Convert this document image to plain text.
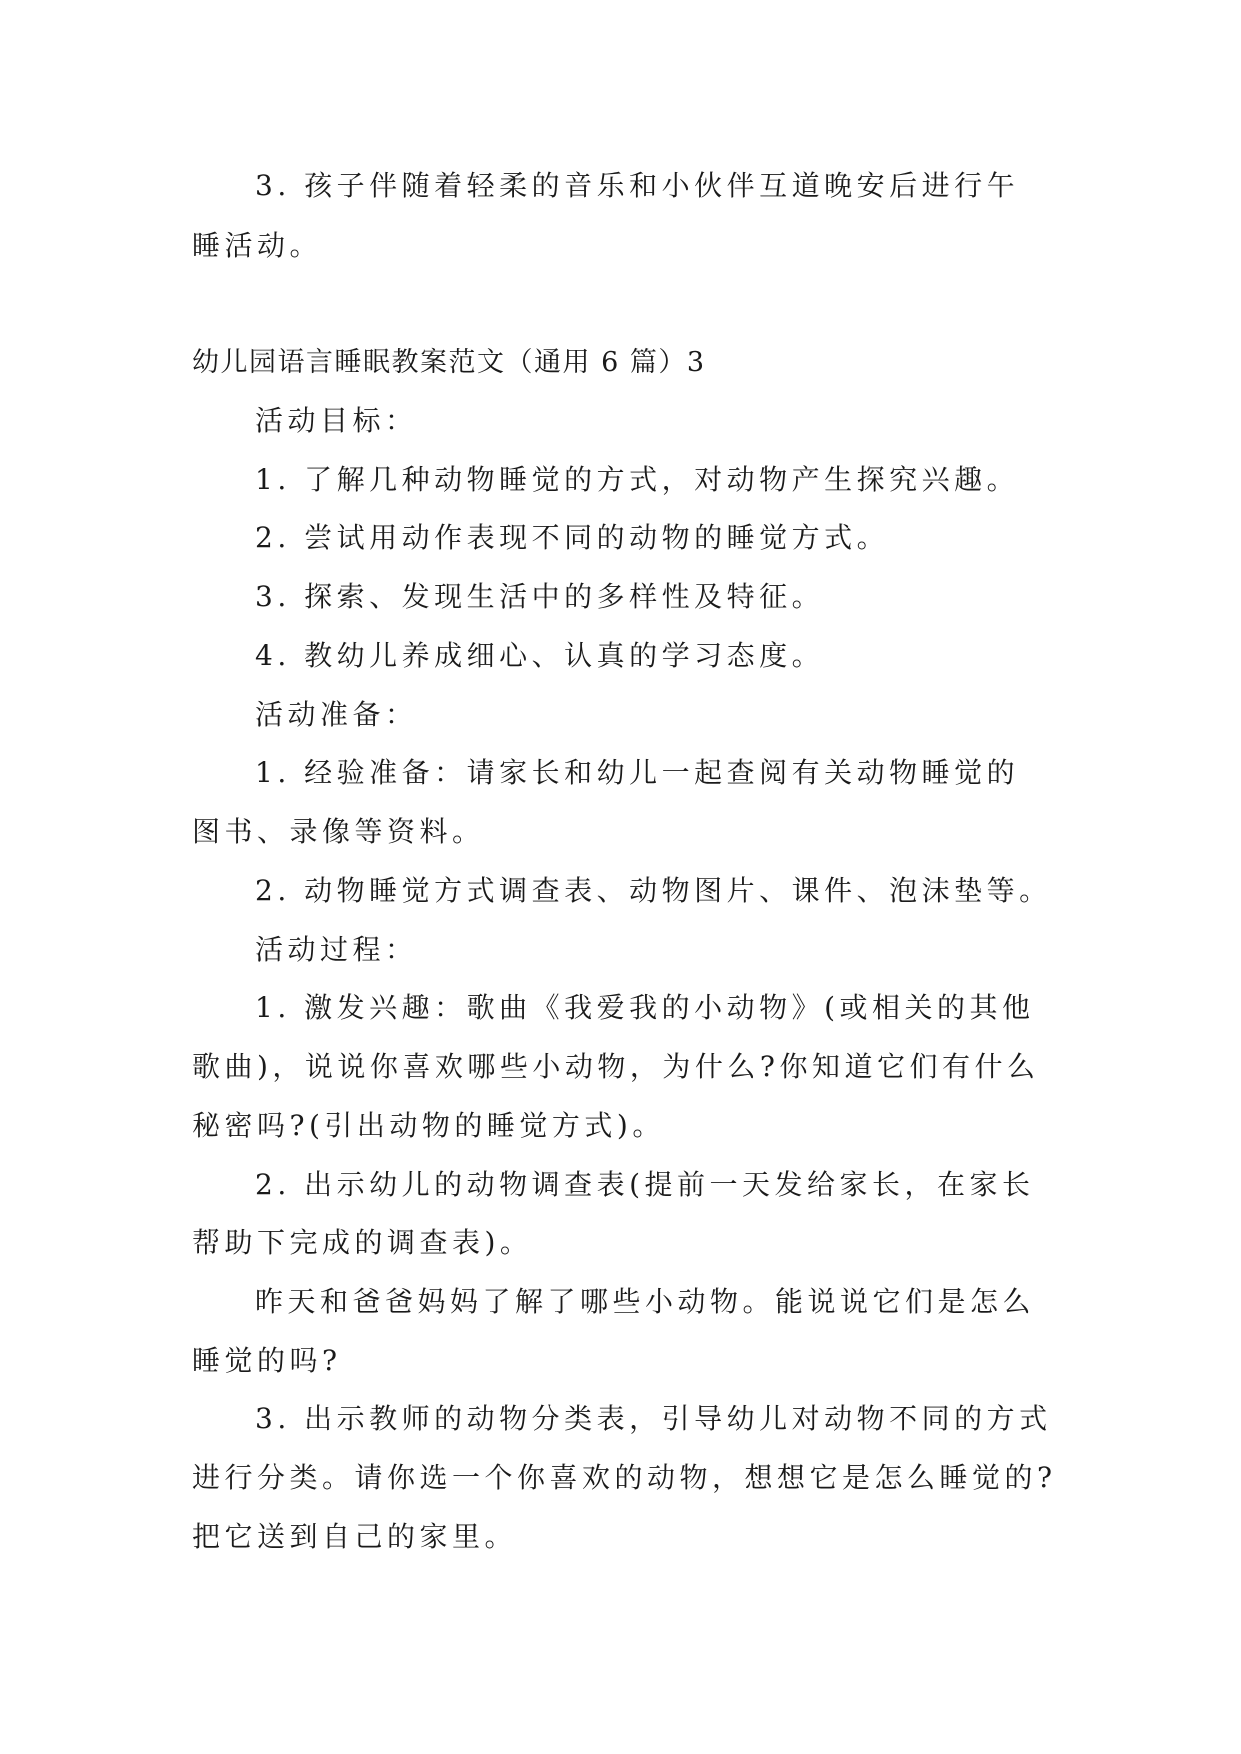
3. 孩子伴随着轻柔的音乐和小伙伴互道晚安后进行午
睡活动。
幼儿园语言睡眠教案范文（通用 6 篇）3
活动目标：
1. 了解几种动物睡觉的方式，对动物产生探究兴趣。
2. 尝试用动作表现不同的动物的睡觉方式。
3. 探索、发现生活中的多样性及特征。
4. 教幼儿养成细心、认真的学习态度。
活动准备：
1. 经验准备：请家长和幼儿一起查阅有关动物睡觉的
图书、录像等资料。
2. 动物睡觉方式调查表、动物图片、课件、泡沫垫等。
活动过程：
1. 激发兴趣：歌曲《我爱我的小动物》(或相关的其他
歌曲)，说说你喜欢哪些小动物，为什么?你知道它们有什么
秘密吗?(引出动物的睡觉方式)。
2. 出示幼儿的动物调查表(提前一天发给家长，在家长
帮助下完成的调查表)。
昨天和爸爸妈妈了解了哪些小动物。能说说它们是怎么
睡觉的吗?
3. 出示教师的动物分类表，引导幼儿对动物不同的方式
进行分类。请你选一个你喜欢的动物，想想它是怎么睡觉的?
把它送到自己的家里。
